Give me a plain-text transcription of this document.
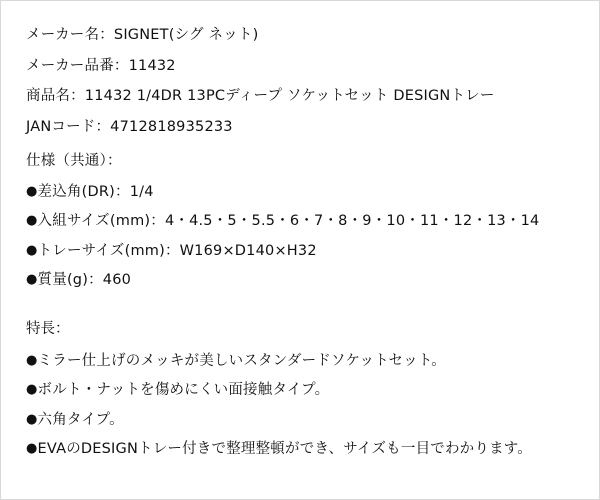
メーカー名：SIGNET(シグ ネット)

メーカー品番：11432

商品名：11432 1/4DR 13PCディープ ソケットセット DESIGNトレー

JANコード：4712818935233

仕様（共通）：

●差込角(DR)：1/4

●入組サイズ(mm)：4・4.5・5・5.5・6・7・8・9・10・11・12・13・14

●トレーサイズ(mm)：W169×D140×H32

●質量(g)：460

特長：

●ミラー仕上げのメッキが美しいスタンダードソケットセット。

●ボルト・ナットを傷めにくい面接触タイプ。

●六角タイプ。

●EVAのDESIGNトレー付きで整理整頓ができ、サイズも一目でわかります。
